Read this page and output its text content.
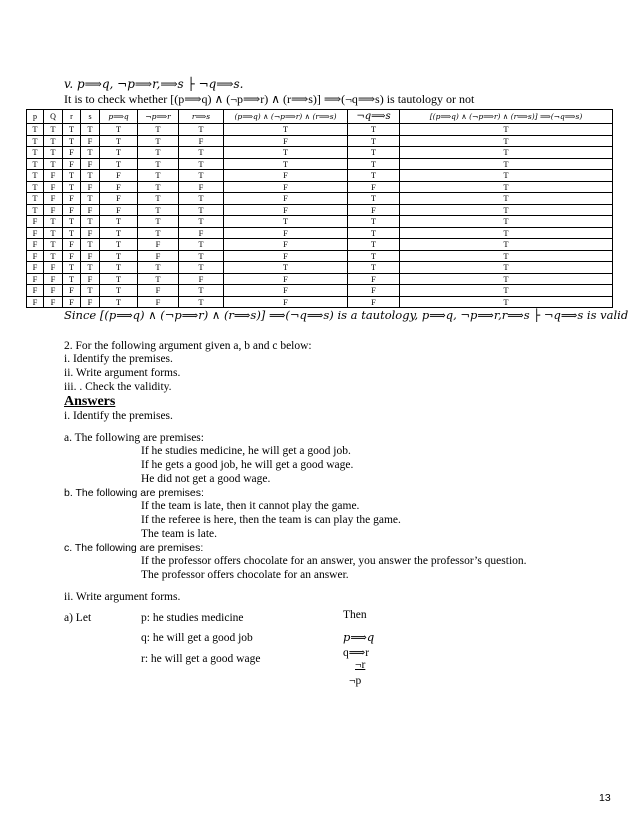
v. p⟹q, ¬p⟹r,⟹s ├ ¬q⟹s.
It is to check whether [(p⟹q) ∧ (¬p⟹r) ∧ (r⟹s)] ⟹(¬q⟹s) is tautology or not
p	Q	r	s	p⟹q	¬p⟹r	r⟹s	(p⟹q) ∧ (¬p⟹r) ∧ (r⟹s)	¬q⟹s	[(p⟹q) ∧ (¬p⟹r) ∧ (r⟹s)] ⟹(¬q⟹s)
T	T	T	T	T	T	T	T	T	T
T	T	T	F	T	T	F	F	T	T
T	T	F	T	T	T	T	T	T	T
T	T	F	F	T	T	T	T	T	T
T	F	T	T	F	T	T	F	T	T
T	F	T	F	F	T	F	F	F	T
T	F	F	T	F	T	T	F	T	T
T	F	F	F	F	T	T	F	F	T
F	T	T	T	T	T	T	T	T	T
F	T	T	F	T	T	F	F	T	T
F	T	F	T	T	F	T	F	T	T
F	T	F	F	T	F	T	F	T	T
F	F	T	T	T	T	T	T	T	T
F	F	T	F	T	T	F	F	F	T
F	F	F	T	T	F	T	F	F	T
F	F	F	F	T	F	T	F	F	T
Since [(p⟹q) ∧ (¬p⟹r) ∧ (r⟹s)] ⟹(¬q⟹s) is a tautology, p⟹q, ¬p⟹r,r⟹s ├ ¬q⟹s is valid
2. For the following argument given a, b and c below:
i. Identify the premises.
ii. Write argument forms.
iii. . Check the validity.
Answers
i. Identify the premises.
a. The following are premises:
If he studies medicine, he will get a good job.
If he gets a good job, he will get a good wage.
He did not get a good wage.
b. The following are premises:
If the team is late, then it cannot play the game.
If the referee is here, then the team is can play the game.
The team is late.
c. The following are premises:
If the professor offers chocolate for an answer, you answer the professor’s question.
The professor offers chocolate for an answer.
ii. Write argument forms.
a) Let	p: he studies medicine
q: he will get a good job
r: he will get a good wage
Then
p⟹q
q⟹r
¬r
¬p
13
